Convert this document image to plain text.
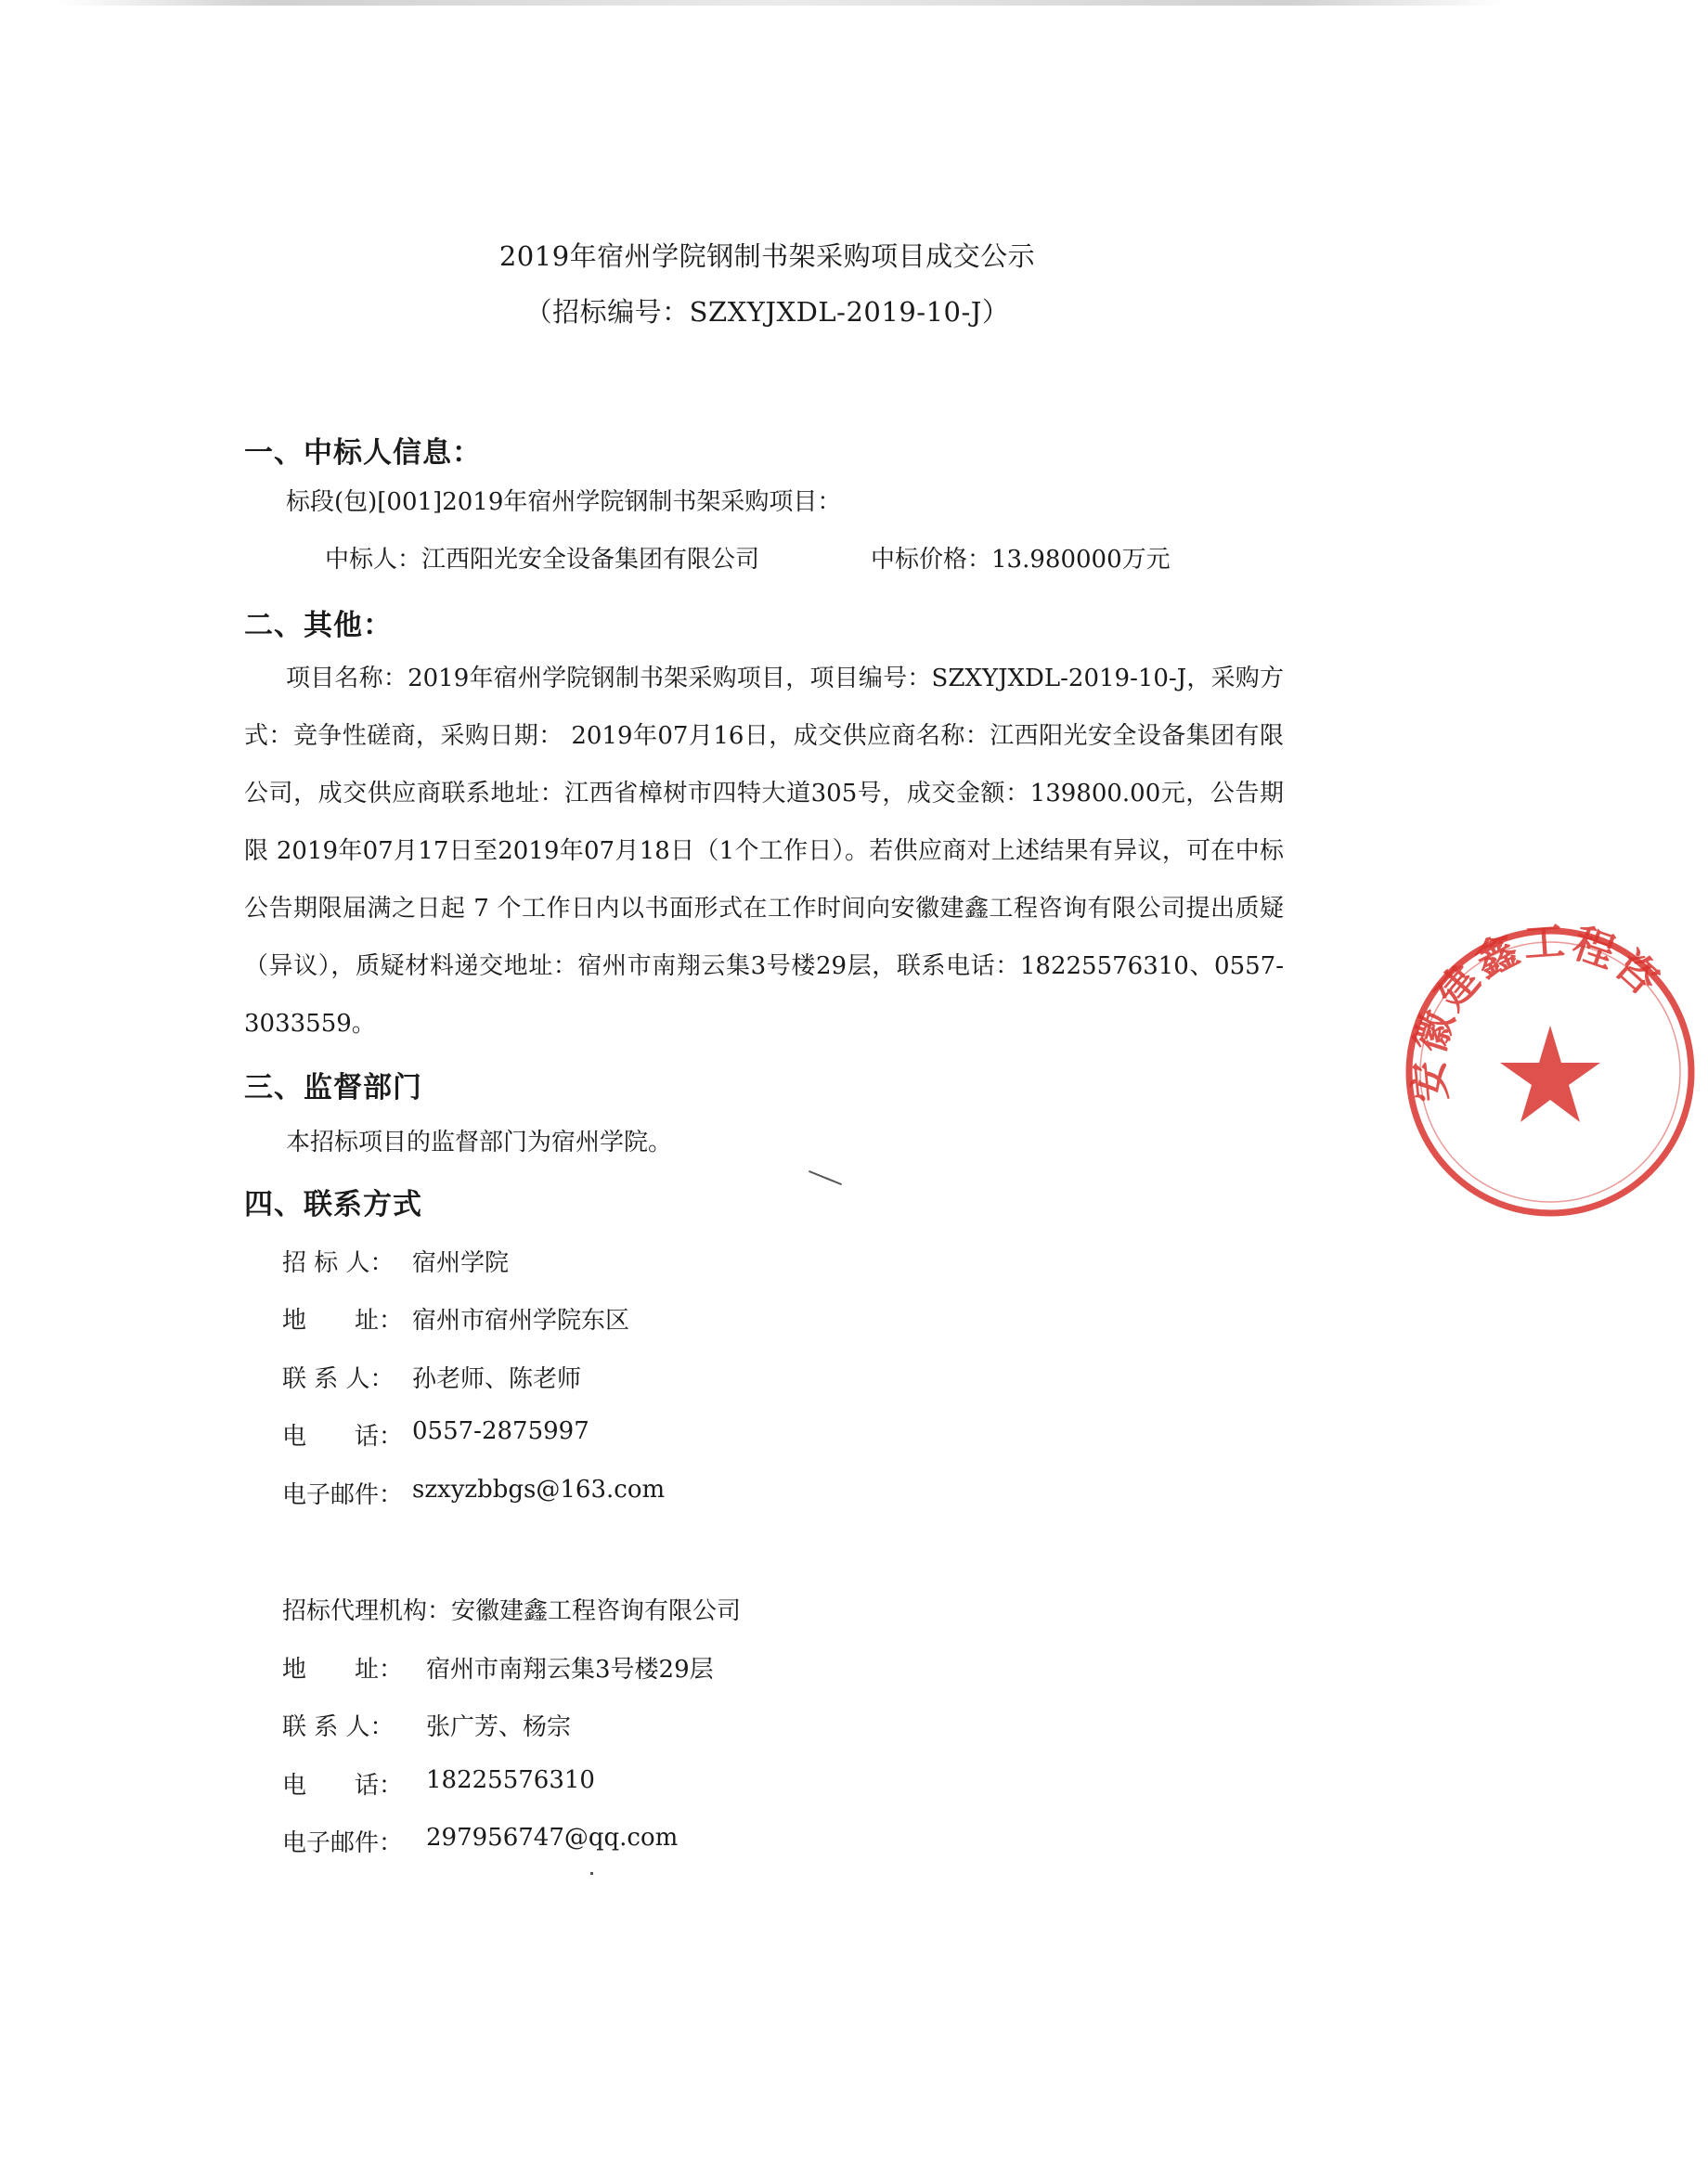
2019年宿州学院钢制书架采购项目成交公示
（招标编号：SZXYJXDL-2019-10-J）
一、中标人信息：
标段(包)[001]2019年宿州学院钢制书架采购项目：
中标人：江西阳光安全设备集团有限公司	中标价格：13.980000万元
二、其他：

项目名称：2019年宿州学院钢制书架采购项目，项目编号：SZXYJXDL-2019-10-J，采购方式：竞争性磋商，采购日期： 2019年07月16日，成交供应商名称：江西阳光安全设备集团有限公司，成交供应商联系地址：江西省樟树市四特大道305号，成交金额：139800.00元，公告期限 2019年07月17日至2019年07月18日（1个工作日）。若供应商对上述结果有异议，可在中标公告期限届满之日起 7 个工作日内以书面形式在工作时间向安徽建鑫工程咨询有限公司提出质疑（异议），质疑材料递交地址：宿州市南翔云集3号楼29层，联系电话：18225576310、0557-3033559。

三、监督部门
本招标项目的监督部门为宿州学院。
四、联系方式
招 标 人： 宿州学院
地　　址： 宿州市宿州学院东区
联 系 人： 孙老师、陈老师
电　　话： 0557-2875997
电子邮件： szxyzbbgs@163.com
招标代理机构： 安徽建鑫工程咨询有限公司
地　　址： 宿州市南翔云集3号楼29层
联 系 人：	张广芳、杨宗
电　　话： 18225576310
电子邮件： 297956747@qq.com
安徽建鑫工程咨
